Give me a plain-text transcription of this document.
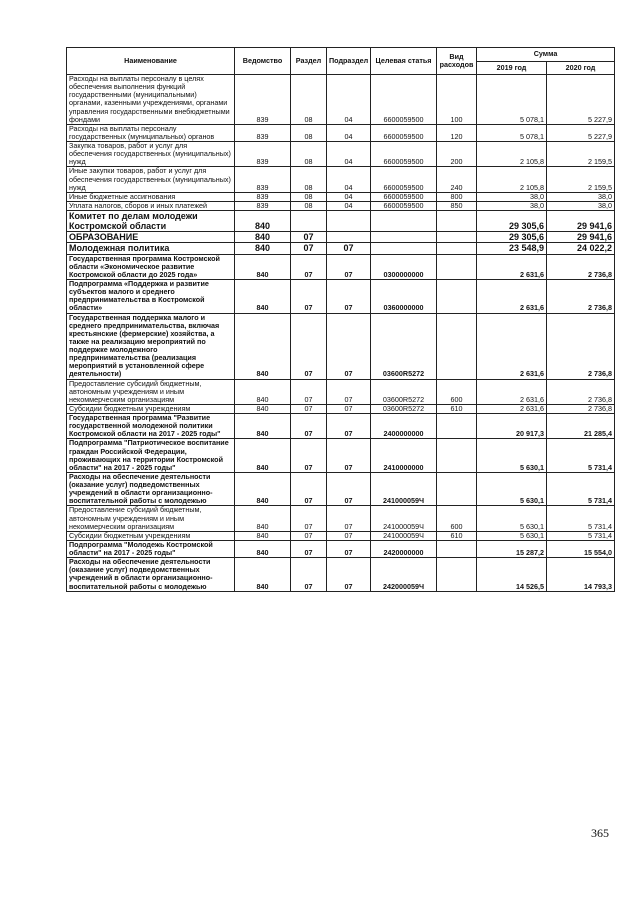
Наименование	Ведомство	Раздел	Подраздел	Целевая статья	Вид расходов	Сумма	
						2019 год	2020 год
Расходы на выплаты персоналу в целях обеспечения выполнения функций государственными (муниципальными) органами, казенными учреждениями, органами управления государственными внебюджетными фондами	839	08	04	6600059500	100	5 078,1	5 227,9
Расходы на выплаты персоналу государственных (муниципальных) органов	839	08	04	6600059500	120	5 078,1	5 227,9
Закупка товаров, работ и услуг для обеспечения государственных (муниципальных) нужд	839	08	04	6600059500	200	2 105,8	2 159,5
Иные закупки товаров, работ и услуг для обеспечения государственных (муниципальных) нужд	839	08	04	6600059500	240	2 105,8	2 159,5
Иные бюджетные ассигнования	839	08	04	6600059500	800	38,0	38,0
Уплата налогов, сборов и иных платежей	839	08	04	6600059500	850	38,0	38,0
Комитет по делам молодежи Костромской области	840					29 305,6	29 941,6
ОБРАЗОВАНИЕ	840	07				29 305,6	29 941,6
Молодежная политика	840	07	07			23 548,9	24 022,2
Государственная программа Костромской области «Экономическое развитие Костромской области до 2025 года»	840	07	07	0300000000		2 631,6	2 736,8
Подпрограмма «Поддержка и развитие субъектов малого и среднего предпринимательства в Костромской области»	840	07	07	0360000000		2 631,6	2 736,8
Государственная поддержка малого и среднего предпринимательства, включая крестьянские (фермерские) хозяйства, а также на реализацию мероприятий по поддержке молодежного предпринимательства (реализация мероприятий в установленной сфере деятельности)	840	07	07	03600R5272		2 631,6	2 736,8
Предоставление субсидий бюджетным, автономным учреждениям и иным некоммерческим организациям	840	07	07	03600R5272	600	2 631,6	2 736,8
Субсидии бюджетным учреждениям	840	07	07	03600R5272	610	2 631,6	2 736,8
Государственная программа "Развитие государственной молодежной политики Костромской области на 2017 - 2025 годы"	840	07	07	2400000000		20 917,3	21 285,4
Подпрограмма "Патриотическое воспитание граждан Российской Федерации, проживающих на территории Костромской области" на 2017 - 2025 годы"	840	07	07	2410000000		5 630,1	5 731,4
Расходы на обеспечение деятельности (оказание услуг) подведомственных учреждений в области организационно-воспитательной работы с молодежью	840	07	07	241000059Ч		5 630,1	5 731,4
Предоставление субсидий бюджетным, автономным учреждениям и иным некоммерческим организациям	840	07	07	241000059Ч	600	5 630,1	5 731,4
Субсидии бюджетным учреждениям	840	07	07	241000059Ч	610	5 630,1	5 731,4
Подпрограмма "Молодежь Костромской области" на 2017 - 2025 годы"	840	07	07	2420000000		15 287,2	15 554,0
Расходы на обеспечение деятельности (оказание услуг) подведомственных учреждений в области организационно-воспитательной работы с молодежью	840	07	07	242000059Ч		14 526,5	14 793,3
365
